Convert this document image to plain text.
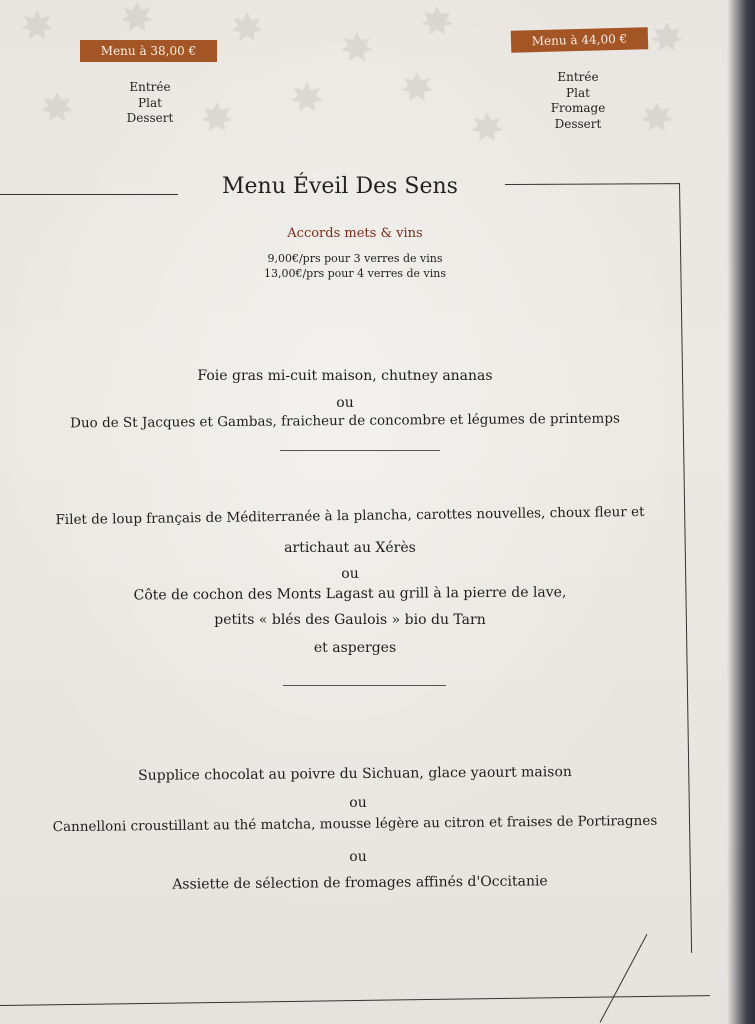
Menu à 38,00 €
Entrée
Plat
Dessert
Menu à 44,00 €
Entrée
Plat
Fromage
Dessert
Menu Éveil Des Sens
Accords mets & vins
9,00€/prs pour 3 verres de vins
13,00€/prs pour 4 verres de vins
Foie gras mi-cuit maison, chutney ananas
ou
Duo de St Jacques et Gambas, fraicheur de concombre et légumes de printemps
Filet de loup français de Méditerranée à la plancha, carottes nouvelles, choux fleur et
artichaut au Xérès
ou
Côte de cochon des Monts Lagast au grill à la pierre de lave,
petits « blés des Gaulois » bio du Tarn
et asperges
Supplice chocolat au poivre du Sichuan, glace yaourt maison
ou
Cannelloni croustillant au thé matcha, mousse légère au citron et fraises de Portiragnes
ou
Assiette de sélection de fromages affinés d'Occitanie
